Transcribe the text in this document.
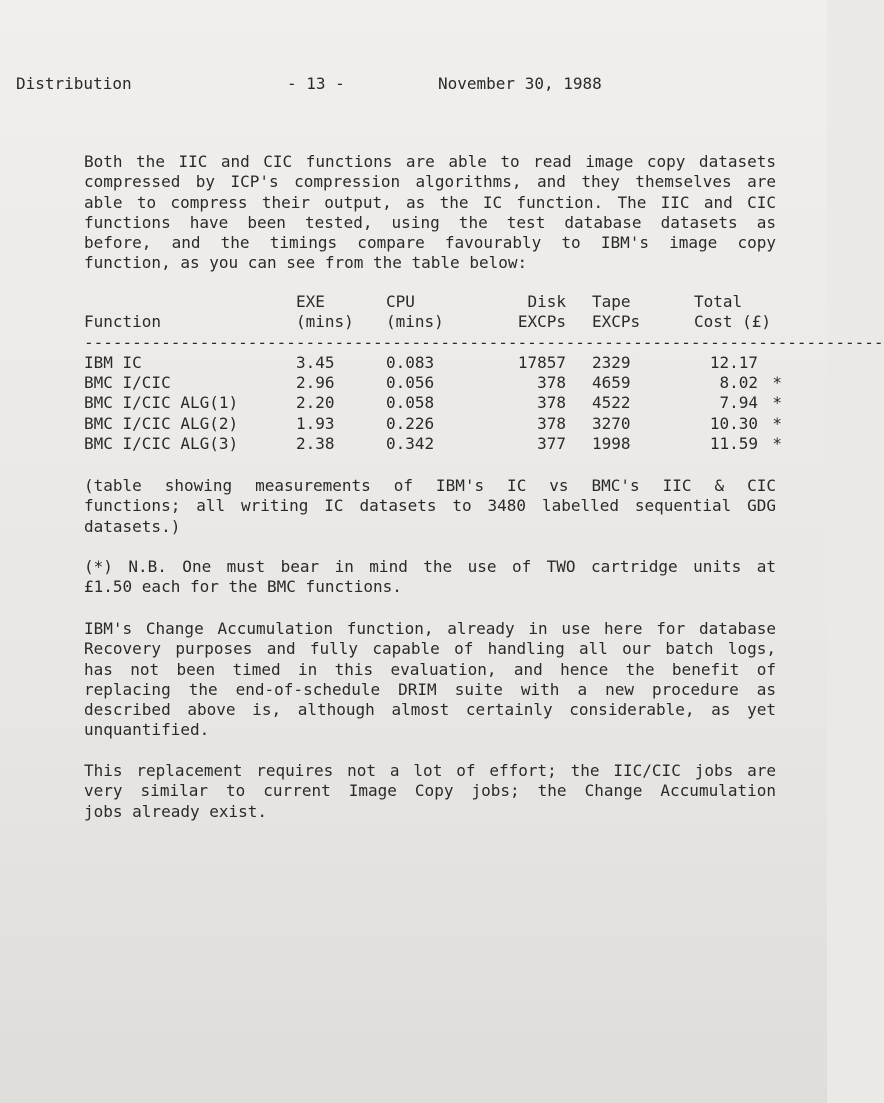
Distribution	- 13 -	November 30, 1988
Both the IIC and CIC functions are able to read image copy datasets
compressed by ICP's compression algorithms, and they themselves are
able to compress their output, as the IC function. The IIC and CIC
functions have been tested, using the test database datasets as
before, and the timings compare favourably to IBM's image copy
function, as you can see from the table below:
	EXE	CPU	Disk	Tape	Total	
Function	(mins)	(mins)	EXCPs	EXCPs	Cost (£)	

-----------------------------------------------------------------------------------						

IBM IC	3.45	0.083	17857	2329	12.17	
BMC I/CIC	2.96	0.056	378	4659	8.02	*
BMC I/CIC ALG(1)	2.20	0.058	378	4522	7.94	*
BMC I/CIC ALG(2)	1.93	0.226	378	3270	10.30	*
BMC I/CIC ALG(3)	2.38	0.342	377	1998	11.59	*
(table showing measurements of IBM's IC vs BMC's IIC & CIC
functions; all writing IC datasets to 3480 labelled sequential GDG
datasets.)
(*) N.B. One must bear in mind the use of TWO cartridge units at
£1.50 each for the BMC functions.
IBM's Change Accumulation function, already in use here for database
Recovery purposes and fully capable of handling all our batch logs,
has not been timed in this evaluation, and hence the benefit of
replacing the end-of-schedule DRIM suite with a new procedure as
described above is, although almost certainly considerable, as yet
unquantified.
This replacement requires not a lot of effort; the IIC/CIC jobs are
very similar to current Image Copy jobs; the Change Accumulation
jobs already exist.
